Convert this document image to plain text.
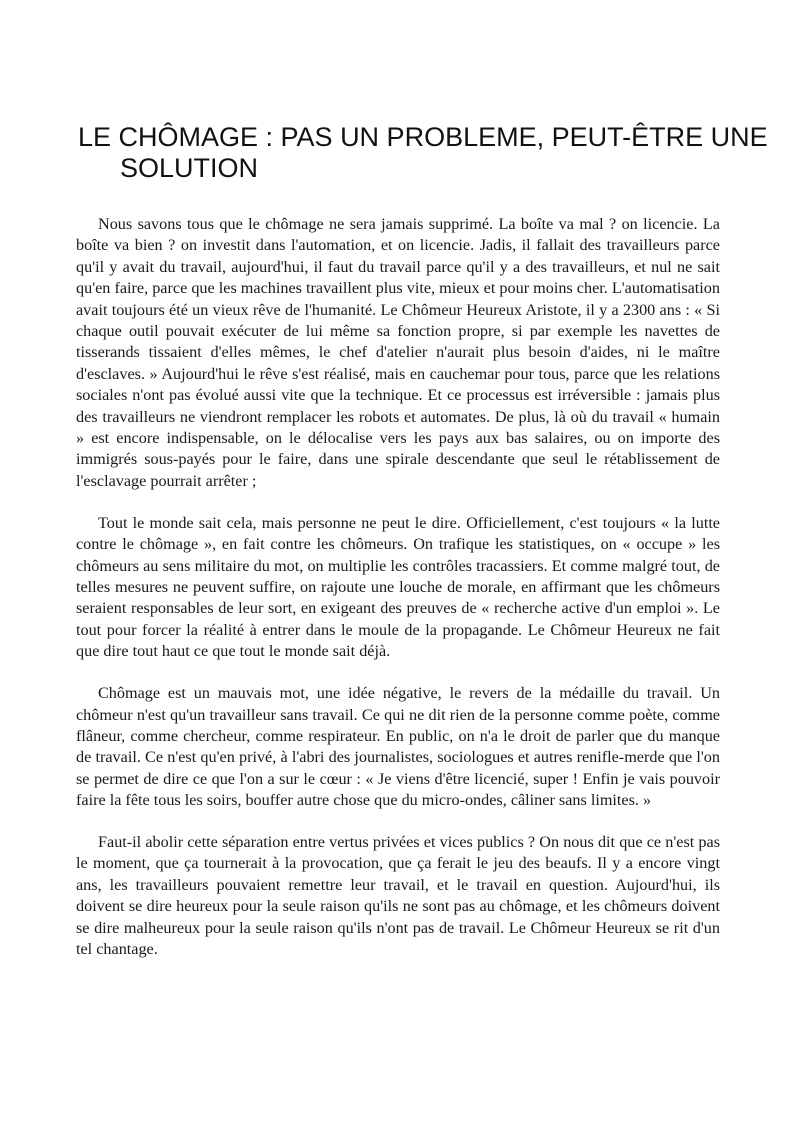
LE CHÔMAGE : PAS UN PROBLEME, PEUT-ÊTRE UNE SOLUTION

Nous savons tous que le chômage ne sera jamais supprimé. La boîte va mal ? on licencie. La boîte va bien ? on investit dans l'automation, et on licencie. Jadis, il fallait des travailleurs parce qu'il y avait du travail, aujourd'hui, il faut du travail parce qu'il y a des travailleurs, et nul ne sait qu'en faire, parce que les machines travaillent plus vite, mieux et pour moins cher. L'automatisation avait toujours été un vieux rêve de l'humanité. Le Chômeur Heureux Aristote, il y a 2300 ans : « Si chaque outil pouvait exécuter de lui même sa fonction propre, si par exemple les navettes de tisserands tissaient d'elles mêmes, le chef d'atelier n'aurait plus besoin d'aides, ni le maître d'esclaves. » Aujourd'hui le rêve s'est réalisé, mais en cauchemar pour tous, parce que les relations sociales n'ont pas évolué aussi vite que la technique. Et ce processus est irréversible : jamais plus des travailleurs ne viendront remplacer les robots et automates. De plus, là où du travail « humain » est encore indispensable, on le délocalise vers les pays aux bas salaires, ou on importe des immigrés sous-payés pour le faire, dans une spirale descendante que seul le rétablissement de l'esclavage pourrait arrêter ;

Tout le monde sait cela, mais personne ne peut le dire. Officiellement, c'est toujours « la lutte contre le chômage », en fait contre les chômeurs. On trafique les statistiques, on « occupe » les chômeurs au sens militaire du mot, on multiplie les contrôles tracassiers. Et comme malgré tout, de telles mesures ne peuvent suffire, on rajoute une louche de morale, en affirmant que les chômeurs seraient responsables de leur sort, en exigeant des preuves de « recherche active d'un emploi ». Le tout pour forcer la réalité à entrer dans le moule de la propagande. Le Chômeur Heureux ne fait que dire tout haut ce que tout le monde sait déjà.

Chômage est un mauvais mot, une idée négative, le revers de la médaille du travail. Un chômeur n'est qu'un travailleur sans travail. Ce qui ne dit rien de la personne comme poète, comme flâneur, comme chercheur, comme respirateur. En public, on n'a le droit de parler que du manque de travail. Ce n'est qu'en privé, à l'abri des journalistes, sociologues et autres renifle-merde que l'on se permet de dire ce que l'on a sur le cœur : « Je viens d'être licencié, super ! Enfin je vais pouvoir faire la fête tous les soirs, bouffer autre chose que du micro-ondes, câliner sans limites. »

Faut-il abolir cette séparation entre vertus privées et vices publics ? On nous dit que ce n'est pas le moment, que ça tournerait à la provocation, que ça ferait le jeu des beaufs. Il y a encore vingt ans, les travailleurs pouvaient remettre leur travail, et le travail en question. Aujourd'hui, ils doivent se dire heureux pour la seule raison qu'ils ne sont pas au chômage, et les chômeurs doivent se dire malheureux pour la seule raison qu'ils n'ont pas de travail. Le Chômeur Heureux se rit d'un tel chantage.
